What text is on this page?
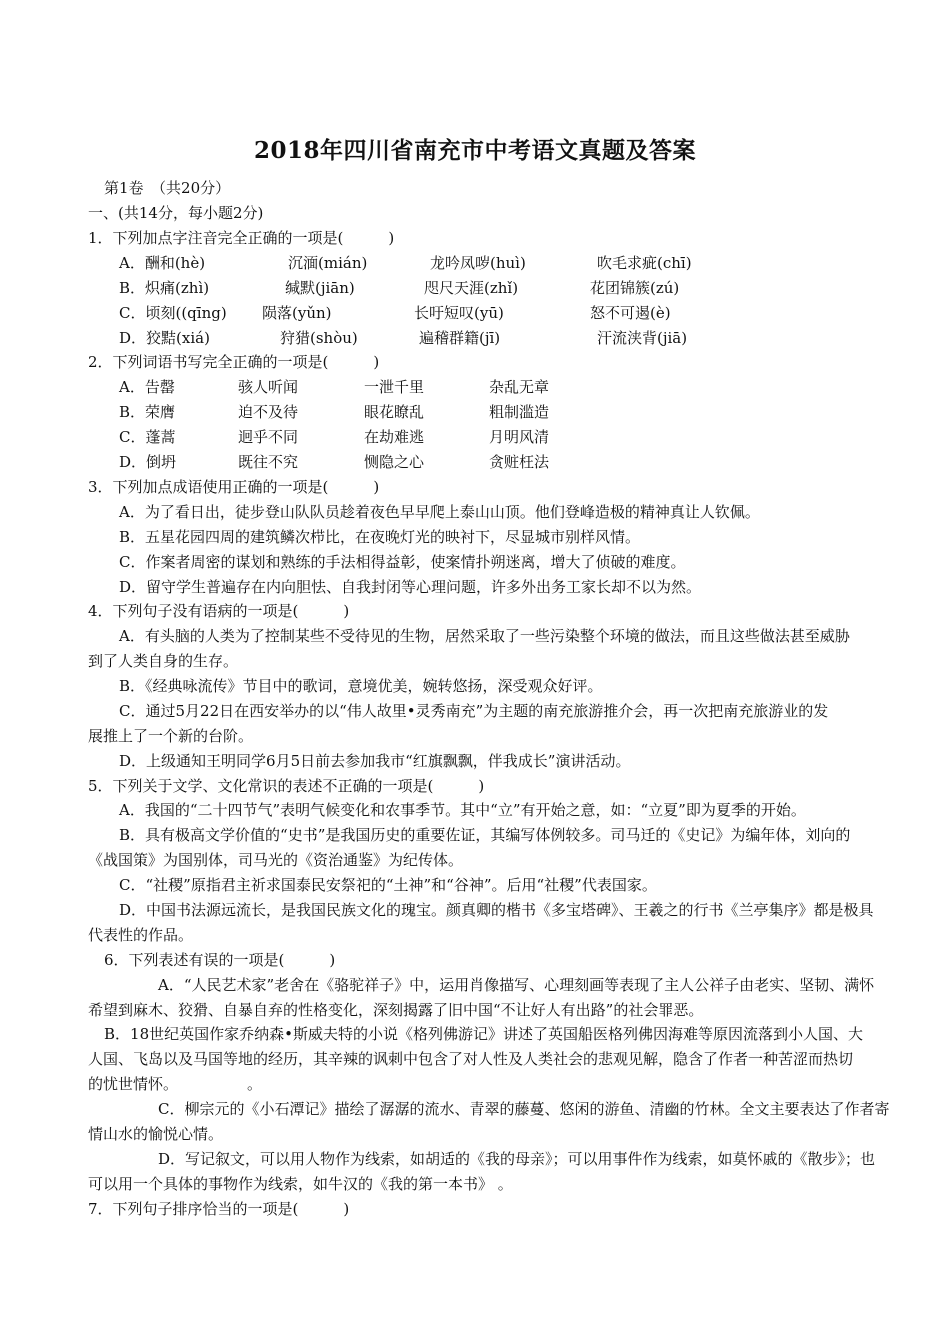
2018年四川省南充市中考语文真题及答案
第1卷　（共20分）
一、(共14分，每小题2分)
1．下列加点字注音完全正确的一项是(　　　)
A．酬和(hè)	沉湎(mián)	龙吟凤哕(huì)	吹毛求疵(chī)
B．炽痛(zhì)	缄默(jiān)	咫尺天涯(zhǐ)	花团锦簇(zú)
C．顷刻((qīng) 陨落(yǔn)	长吁短叹(yū)	怒不可遏(è)
D．狡黠(xiá)	狩猎(shòu)	遍稽群籍(jī)	汗流浃背(jiā)
2．下列词语书写完全正确的一项是(　　　)
A．告罄	骇人听闻	一泄千里	杂乱无章
B．荣膺	迫不及待	眼花瞭乱	粗制滥造
C．蓬蒿	迥乎不同	在劫难逃	月明风清
D．倒坍	既往不究	恻隐之心	贪赃枉法
3．下列加点成语使用正确的一项是(　　　)
A．为了看日出，徒步登山队队员趁着夜色早早爬上泰山山顶。他们登峰造极的精神真让人钦佩。
B．五星花园四周的建筑鳞次栉比，在夜晚灯光的映衬下，尽显城市别样风情。
C．作案者周密的谋划和熟练的手法相得益彰，使案情扑朔迷离，增大了侦破的难度。
D．留守学生普遍存在内向胆怯、自我封闭等心理问题，许多外出务工家长却不以为然。
4．下列句子没有语病的一项是(　　　)
A．有头脑的人类为了控制某些不受待见的生物，居然采取了一些污染整个环境的做法，而且这些做法甚至威胁
到了人类自身的生存。
B．《经典咏流传》节目中的歌词，意境优美，婉转悠扬，深受观众好评。
C．通过5月22日在西安举办的以“伟人故里•灵秀南充”为主题的南充旅游推介会，再一次把南充旅游业的发
展推上了一个新的台阶。
D．上级通知王明同学6月5日前去参加我市“红旗飘飘，伴我成长”演讲活动。
5．下列关于文学、文化常识的表述不正确的一项是(　　　)
A．我国的“二十四节气”表明气候变化和农事季节。其中“立”有开始之意，如：“立夏”即为夏季的开始。
B．具有极高文学价值的“史书”是我国历史的重要佐证，其编写体例较多。司马迁的《史记》为编年体，刘向的
《战国策》为国别体，司马光的《资治通鉴》为纪传体。
C．“社稷”原指君主祈求国泰民安祭祀的“土神”和“谷神”。后用“社稷”代表国家。
D．中国书法源远流长，是我国民族文化的瑰宝。颜真卿的楷书《多宝塔碑》、王羲之的行书《兰亭集序》都是极具
代表性的作品。
6．下列表述有误的一项是(　　　)
A．“人民艺术家”老舍在《骆驼祥子》中，运用肖像描写、心理刻画等表现了主人公祥子由老实、坚韧、满怀
希望到麻木、狡猾、自暴自弃的性格变化，深刻揭露了旧中国“不让好人有出路”的社会罪恶。
B．18世纪英国作家乔纳森•斯威夫特的小说《格列佛游记》讲述了英国船医格列佛因海难等原因流落到小人国、大
人国、飞岛以及马国等地的经历，其辛辣的讽刺中包含了对人性及人类社会的悲观见解，隐含了作者一种苦涩而热切
的忧世情怀。	。
C．柳宗元的《小石潭记》描绘了潺潺的流水、青翠的藤蔓、悠闲的游鱼、清幽的竹林。全文主要表达了作者寄
情山水的愉悦心情。
D．写记叙文，可以用人物作为线索，如胡适的《我的母亲》；可以用事件作为线索，如莫怀戚的《散步》；也
可以用一个具体的事物作为线索，如牛汉的《我的第一本书》 。
7．下列句子排序恰当的一项是(　　　)
